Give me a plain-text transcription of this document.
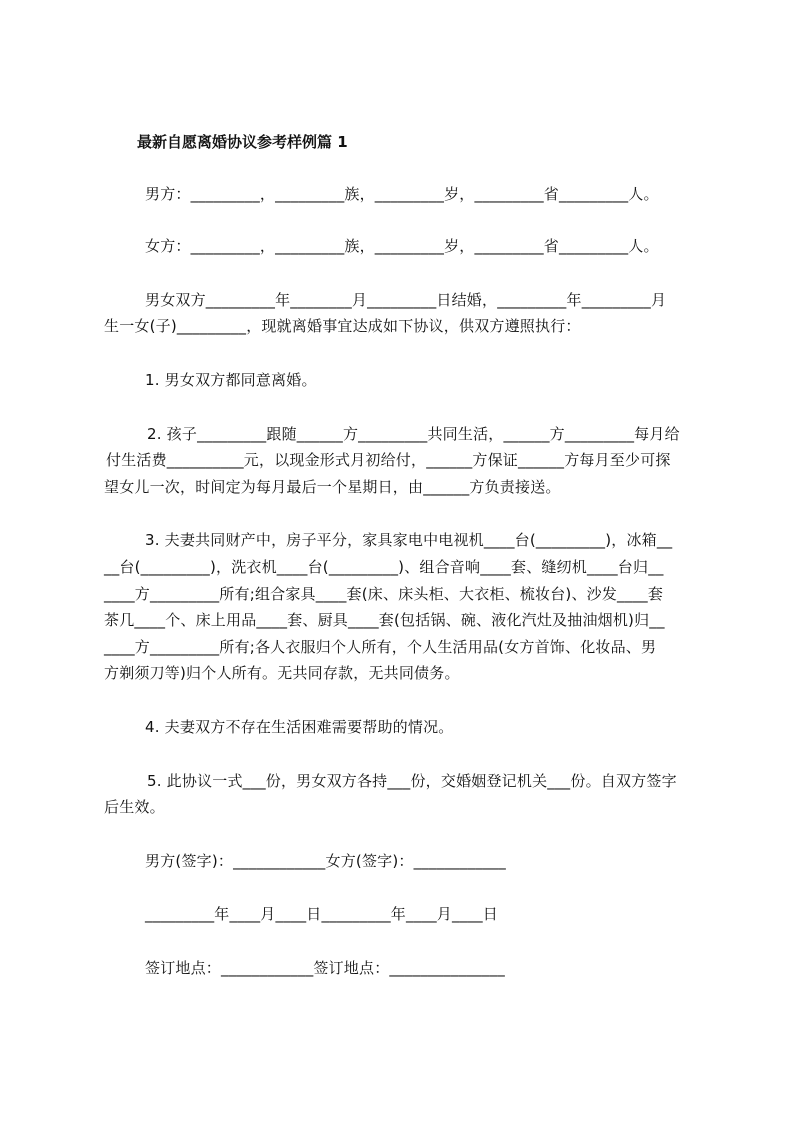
最新自愿离婚协议参考样例篇 1
男方：_________，_________族，_________岁，_________省_________人。
女方：_________，_________族，_________岁，_________省_________人。
男女双方_________年________月_________日结婚，_________年_________月
生一女(子)_________，现就离婚事宜达成如下协议，供双方遵照执行：
1. 男女双方都同意离婚。
2. 孩子_________跟随______方_________共同生活，______方_________每月给
付生活费__________元，以现金形式月初给付，______方保证______方每月至少可探
望女儿一次，时间定为每月最后一个星期日，由______方负责接送。
3. 夫妻共同财产中，房子平分，家具家电中电视机____台(_________)，冰箱__
__台(_________)，洗衣机____台(_________)、组合音响____套、缝纫机____台归__
____方_________所有;组合家具____套(床、床头柜、大衣柜、梳妆台)、沙发____套
茶几____个、床上用品____套、厨具____套(包括锅、碗、液化汽灶及抽油烟机)归__
____方_________所有;各人衣服归个人所有，个人生活用品(女方首饰、化妆品、男
方剃须刀等)归个人所有。无共同存款，无共同债务。
4. 夫妻双方不存在生活困难需要帮助的情况。
5. 此协议一式___份，男女双方各持___份，交婚姻登记机关___份。自双方签字
后生效。
男方(签字)：____________女方(签字)：____________
_________年____月____日_________年____月____日
签订地点：____________签订地点：_______________
